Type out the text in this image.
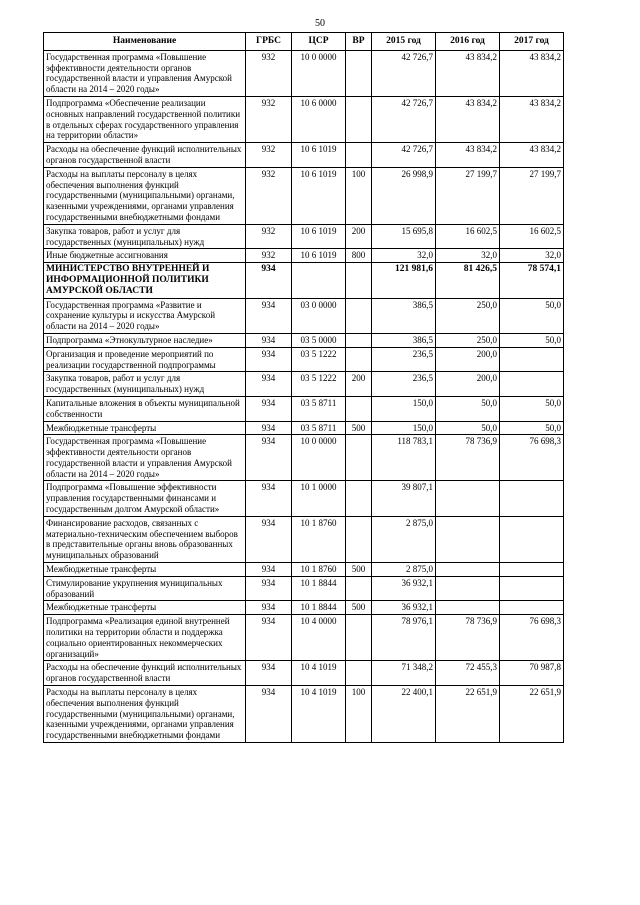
50
Наименование	ГРБС	ЦСР	ВР	2015 год	2016 год	2017 год
Государственная программа «Повышение эффективности деятельности органов государственной власти и управления Амурской области на 2014 – 2020 годы»	932	10 0 0000		42 726,7	43 834,2	43 834,2
Подпрограмма «Обеспечение реализации основных направлений государственной политики в отдельных сферах государственного управления на территории области»	932	10 6 0000		42 726,7	43 834,2	43 834,2
Расходы на обеспечение функций исполнительных органов государственной власти	932	10 6 1019		42 726,7	43 834,2	43 834,2
Расходы на выплаты персоналу в целях обеспечения выполнения функций государственными (муниципальными) органами, казенными учреждениями, органами управления государственными внебюджетными фондами	932	10 6 1019	100	26 998,9	27 199,7	27 199,7
Закупка товаров, работ и услуг для государственных (муниципальных) нужд	932	10 6 1019	200	15 695,8	16 602,5	16 602,5
Иные бюджетные ассигнования	932	10 6 1019	800	32,0	32,0	32,0
МИНИСТЕРСТВО ВНУТРЕННЕЙ И ИНФОРМАЦИОННОЙ ПОЛИТИКИ АМУРСКОЙ ОБЛАСТИ	934			121 981,6	81 426,5	78 574,1
Государственная программа «Развитие и сохранение культуры и искусства Амурской области на 2014 – 2020 годы»	934	03 0 0000		386,5	250,0	50,0
Подпрограмма «Этнокультурное наследие»	934	03 5 0000		386,5	250,0	50,0
Организация и проведение мероприятий по реализации государственной подпрограммы	934	03 5 1222		236,5	200,0	
Закупка товаров, работ и услуг для государственных (муниципальных) нужд	934	03 5 1222	200	236,5	200,0	
Капитальные вложения в объекты муниципальной собственности	934	03 5 8711		150,0	50,0	50,0
Межбюджетные трансферты	934	03 5 8711	500	150,0	50,0	50,0
Государственная программа «Повышение эффективности деятельности органов государственной власти и управления Амурской области на 2014 – 2020 годы»	934	10 0 0000		118 783,1	78 736,9	76 698,3
Подпрограмма «Повышение эффективности управления государственными финансами и государственным долгом Амурской области»	934	10 1 0000		39 807,1		
Финансирование расходов, связанных с материально-техническим обеспечением выборов в представительные органы вновь образованных муниципальных образований	934	10 1 8760		2 875,0		
Межбюджетные трансферты	934	10 1 8760	500	2 875,0		
Стимулирование укрупнения муниципальных образований	934	10 1 8844		36 932,1		
Межбюджетные трансферты	934	10 1 8844	500	36 932,1		
Подпрограмма «Реализация единой внутренней политики на территории области и поддержка социально ориентированных некоммерческих организаций»	934	10 4 0000		78 976,1	78 736,9	76 698,3
Расходы на обеспечение функций исполнительных органов государственной власти	934	10 4 1019		71 348,2	72 455,3	70 987,8
Расходы на выплаты персоналу в целях обеспечения выполнения функций государственными (муниципальными) органами, казенными учреждениями, органами управления государственными внебюджетными фондами	934	10 4 1019	100	22 400,1	22 651,9	22 651,9
